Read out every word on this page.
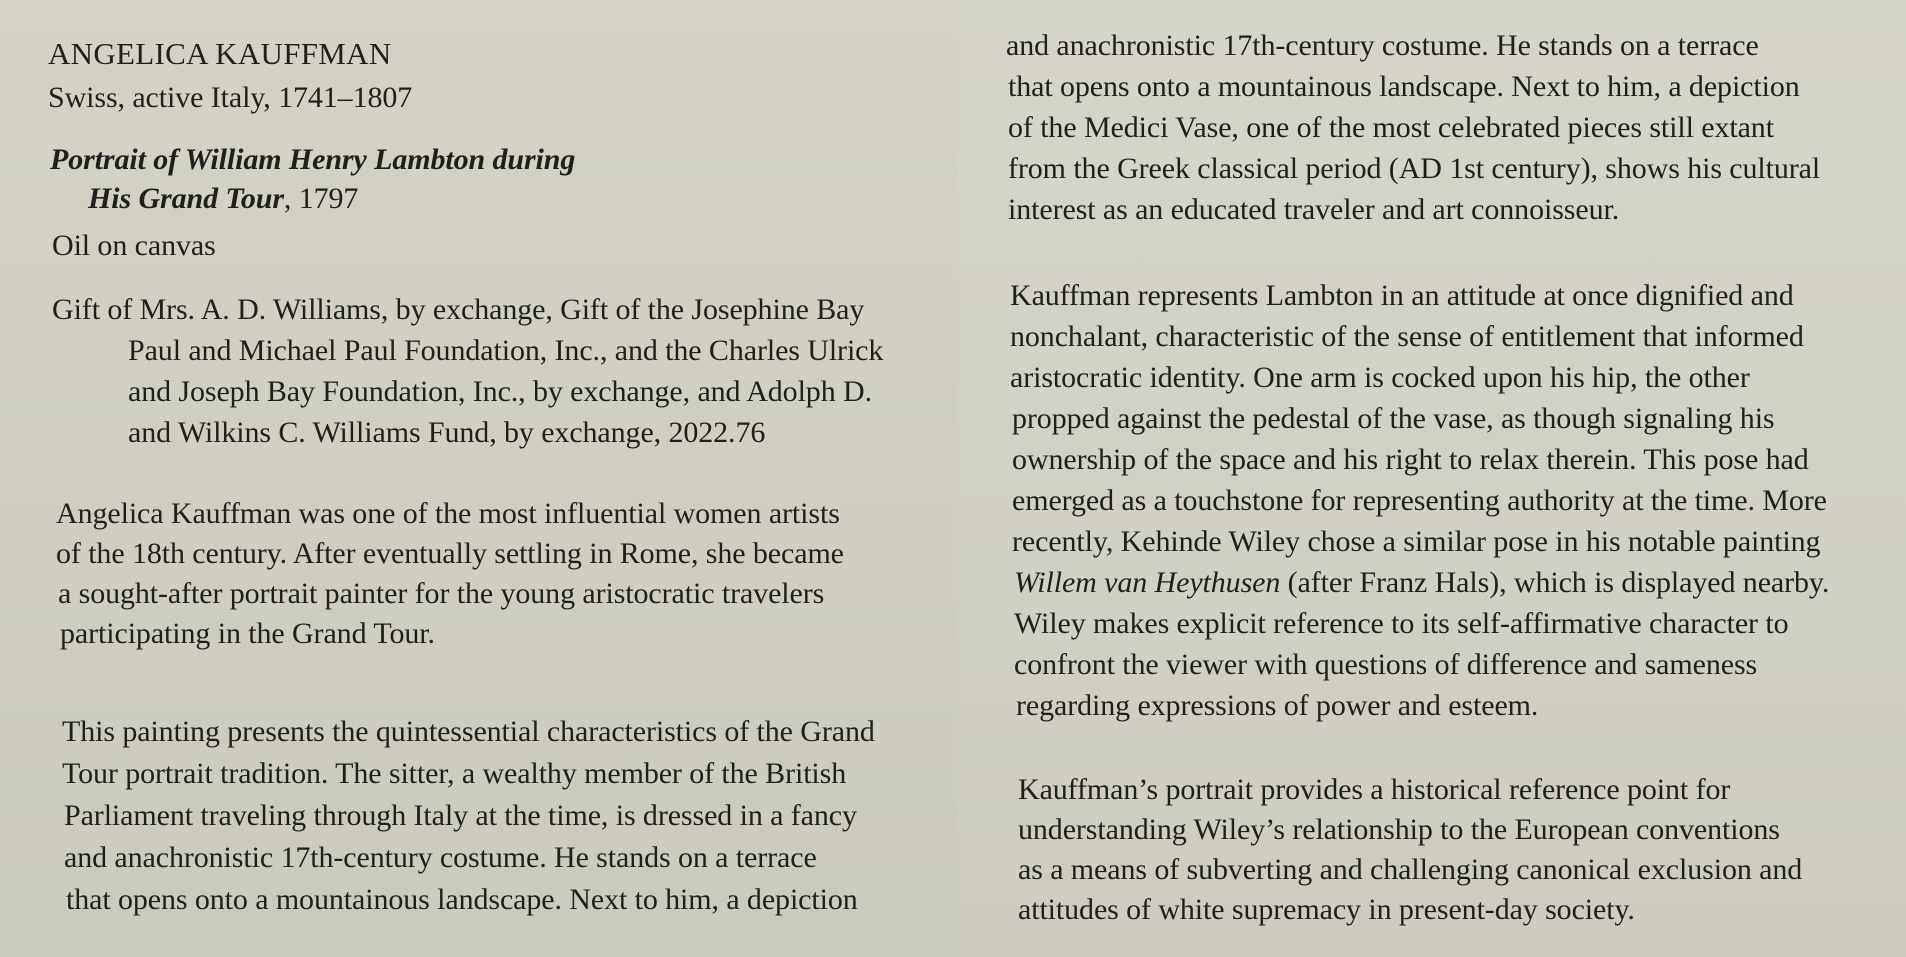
ANGELICA KAUFFMAN
Swiss, active Italy, 1741–1807
Portrait of William Henry Lambton during
His Grand Tour, 1797
Oil on canvas
Gift of Mrs. A. D. Williams, by exchange, Gift of the Josephine Bay
Paul and Michael Paul Foundation, Inc., and the Charles Ulrick
and Joseph Bay Foundation, Inc., by exchange, and Adolph D.
and Wilkins C. Williams Fund, by exchange, 2022.76
Angelica Kauffman was one of the most influential women artists
of the 18th century. After eventually settling in Rome, she became
a sought-after portrait painter for the young aristocratic travelers
participating in the Grand Tour.
This painting presents the quintessential characteristics of the Grand
Tour portrait tradition. The sitter, a wealthy member of the British
Parliament traveling through Italy at the time, is dressed in a fancy
and anachronistic 17th-century costume. He stands on a terrace
that opens onto a mountainous landscape. Next to him, a depiction
and anachronistic 17th-century costume. He stands on a terrace
that opens onto a mountainous landscape. Next to him, a depiction
of the Medici Vase, one of the most celebrated pieces still extant
from the Greek classical period (AD 1st century), shows his cultural
interest as an educated traveler and art connoisseur.
Kauffman represents Lambton in an attitude at once dignified and
nonchalant, characteristic of the sense of entitlement that informed
aristocratic identity. One arm is cocked upon his hip, the other
propped against the pedestal of the vase, as though signaling his
ownership of the space and his right to relax therein. This pose had
emerged as a touchstone for representing authority at the time. More
recently, Kehinde Wiley chose a similar pose in his notable painting
Willem van Heythusen (after Franz Hals), which is displayed nearby.
Wiley makes explicit reference to its self-affirmative character to
confront the viewer with questions of difference and sameness
regarding expressions of power and esteem.
Kauffman’s portrait provides a historical reference point for
understanding Wiley’s relationship to the European conventions
as a means of subverting and challenging canonical exclusion and
attitudes of white supremacy in present-day society.
